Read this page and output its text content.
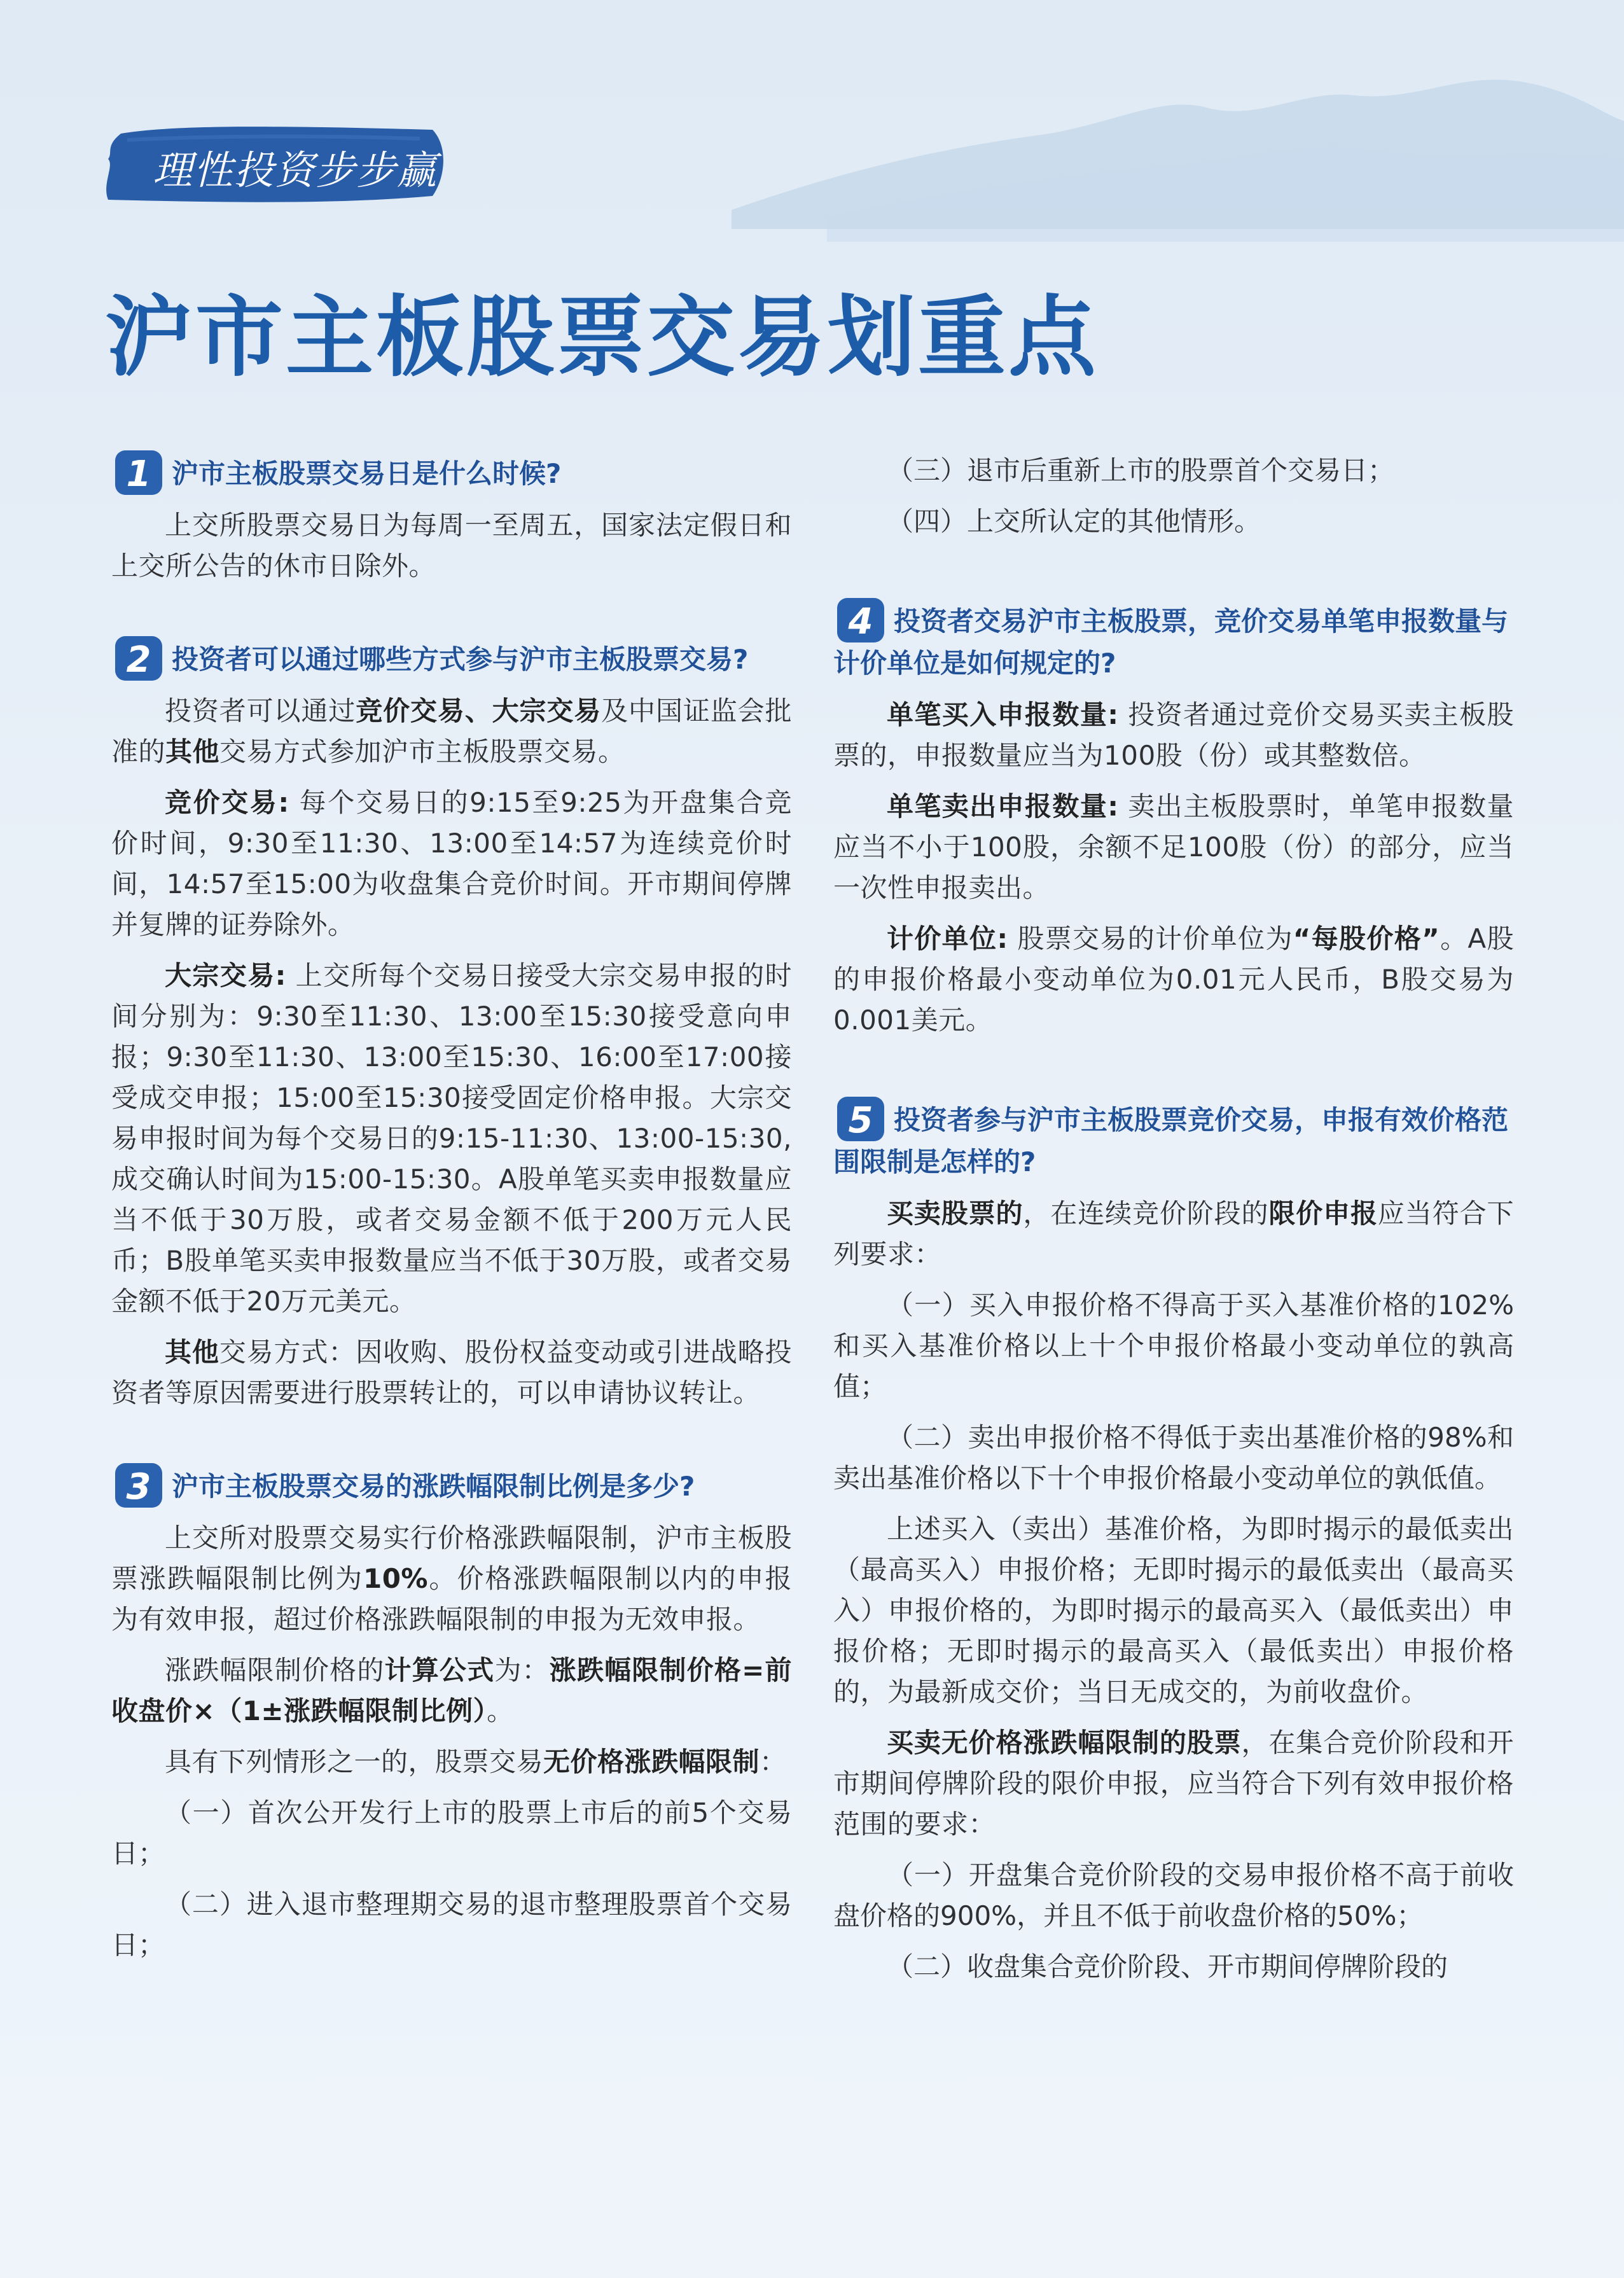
理性投资步步赢
沪市主板股票交易划重点
1 沪市主板股票交易日是什么时候?

上交所股票交易日为每周一至周五，国家法定假日和上交所公告的休市日除外。

2 投资者可以通过哪些方式参与沪市主板股票交易?

投资者可以通过竞价交易、大宗交易及中国证监会批准的其他交易方式参加沪市主板股票交易。

竞价交易: 每个交易日的9:15至9:25为开盘集合竞价时间，9:30至11:30、13:00至14:57为连续竞价时间，14:57至15:00为收盘集合竞价时间。开市期间停牌并复牌的证券除外。

大宗交易: 上交所每个交易日接受大宗交易申报的时间分别为：9:30至11:30、13:00至15:30接受意向申报；9:30至11:30、13:00至15:30、16:00至17:00接受成交申报；15:00至15:30接受固定价格申报。大宗交易申报时间为每个交易日的9:15-11:30、13:00-15:30,成交确认时间为15:00-15:30。A股单笔买卖申报数量应当不低于30万股，或者交易金额不低于200万元人民币；B股单笔买卖申报数量应当不低于30万股，或者交易金额不低于20万元美元。

其他交易方式：因收购、股份权益变动或引进战略投资者等原因需要进行股票转让的，可以申请协议转让。

3 沪市主板股票交易的涨跌幅限制比例是多少?

上交所对股票交易实行价格涨跌幅限制，沪市主板股票涨跌幅限制比例为10%。价格涨跌幅限制以内的申报为有效申报，超过价格涨跌幅限制的申报为无效申报。

涨跌幅限制价格的计算公式为：涨跌幅限制价格=前收盘价×（1±涨跌幅限制比例）。

具有下列情形之一的，股票交易无价格涨跌幅限制：

（一）首次公开发行上市的股票上市后的前5个交易日；

（二）进入退市整理期交易的退市整理股票首个交易日；

（三）退市后重新上市的股票首个交易日；

（四）上交所认定的其他情形。

4 投资者交易沪市主板股票，竞价交易单笔申报数量与计价单位是如何规定的?

单笔买入申报数量: 投资者通过竞价交易买卖主板股票的，申报数量应当为100股（份）或其整数倍。

单笔卖出申报数量: 卖出主板股票时，单笔申报数量应当不小于100股，余额不足100股（份）的部分，应当一次性申报卖出。

计价单位: 股票交易的计价单位为“每股价格”。A股的申报价格最小变动单位为0.01元人民币，B股交易为0.001美元。

5 投资者参与沪市主板股票竞价交易，申报有效价格范围限制是怎样的?

买卖股票的，在连续竞价阶段的限价申报应当符合下列要求：

（一）买入申报价格不得高于买入基准价格的102%和买入基准价格以上十个申报价格最小变动单位的孰高值；

（二）卖出申报价格不得低于卖出基准价格的98%和卖出基准价格以下十个申报价格最小变动单位的孰低值。

上述买入（卖出）基准价格，为即时揭示的最低卖出（最高买入）申报价格；无即时揭示的最低卖出（最高买入）申报价格的，为即时揭示的最高买入（最低卖出）申报价格；无即时揭示的最高买入（最低卖出）申报价格的，为最新成交价；当日无成交的，为前收盘价。

买卖无价格涨跌幅限制的股票，在集合竞价阶段和开市期间停牌阶段的限价申报，应当符合下列有效申报价格范围的要求：

（一）开盘集合竞价阶段的交易申报价格不高于前收盘价格的900%，并且不低于前收盘价格的50%；

（二）收盘集合竞价阶段、开市期间停牌阶段的
